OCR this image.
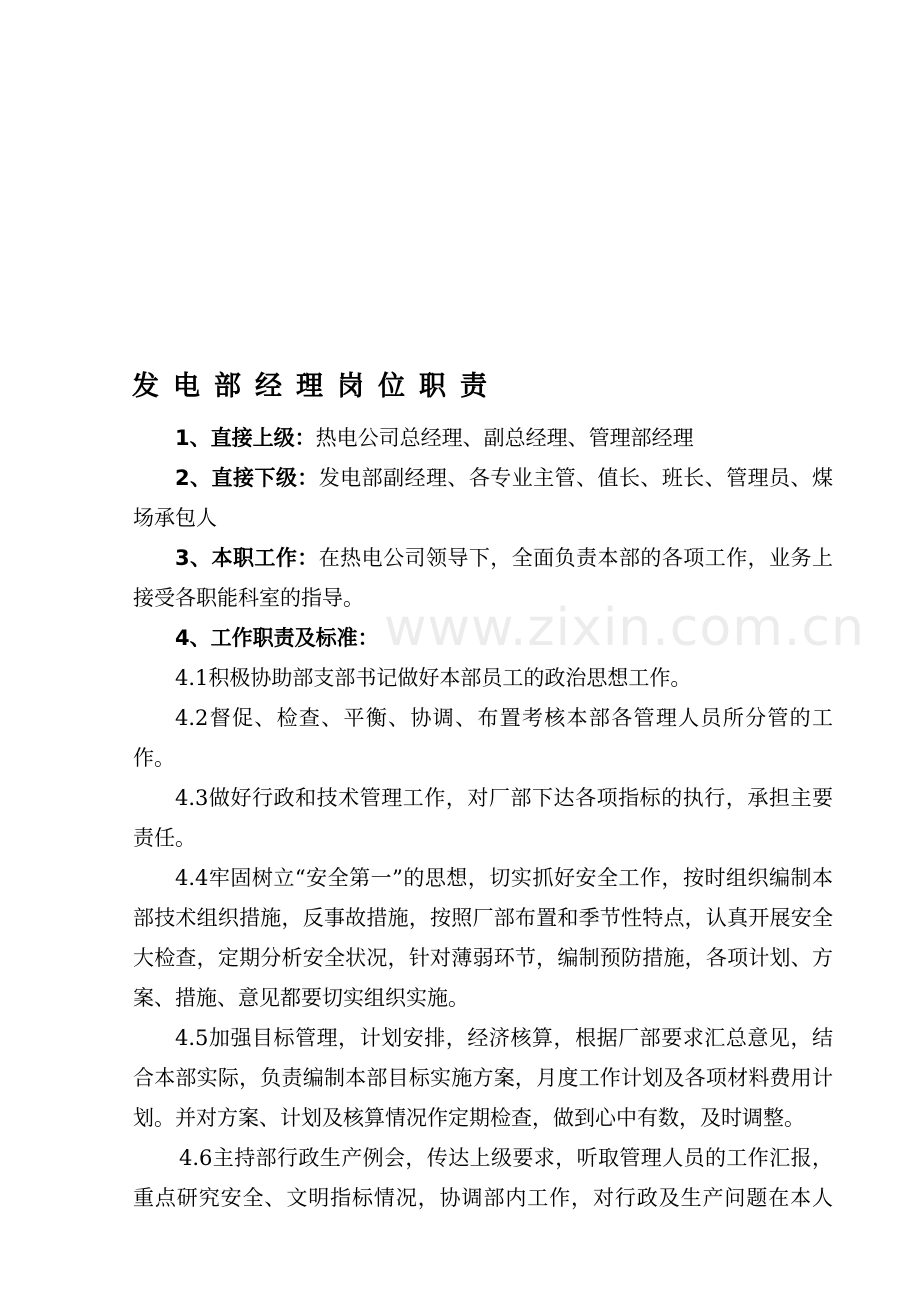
www.zixin.com.cn
发电部经理岗位职责

1、直接上级：热电公司总经理、副总经理、管理部经理

2、直接下级：发电部副经理、各专业主管、值长、班长、管理员、煤场承包人

3、本职工作：在热电公司领导下，全面负责本部的各项工作，业务上接受各职能科室的指导。

4、工作职责及标准：

4.1积极协助部支部书记做好本部员工的政治思想工作。

4.2督促、检查、平衡、协调、布置考核本部各管理人员所分管的工作。

4.3做好行政和技术管理工作，对厂部下达各项指标的执行，承担主要责任。

4.4牢固树立“安全第一”的思想，切实抓好安全工作，按时组织编制本部技术组织措施，反事故措施，按照厂部布置和季节性特点，认真开展安全大检查，定期分析安全状况，针对薄弱环节，编制预防措施，各项计划、方案、措施、意见都要切实组织实施。

4.5加强目标管理，计划安排，经济核算，根据厂部要求汇总意见，结合本部实际，负责编制本部目标实施方案，月度工作计划及各项材料费用计划。并对方案、计划及核算情况作定期检查，做到心中有数，及时调整。

4.6主持部行政生产例会，传达上级要求，听取管理人员的工作汇报，重点研究安全、文明指标情况，协调部内工作，对行政及生产问题在本人
